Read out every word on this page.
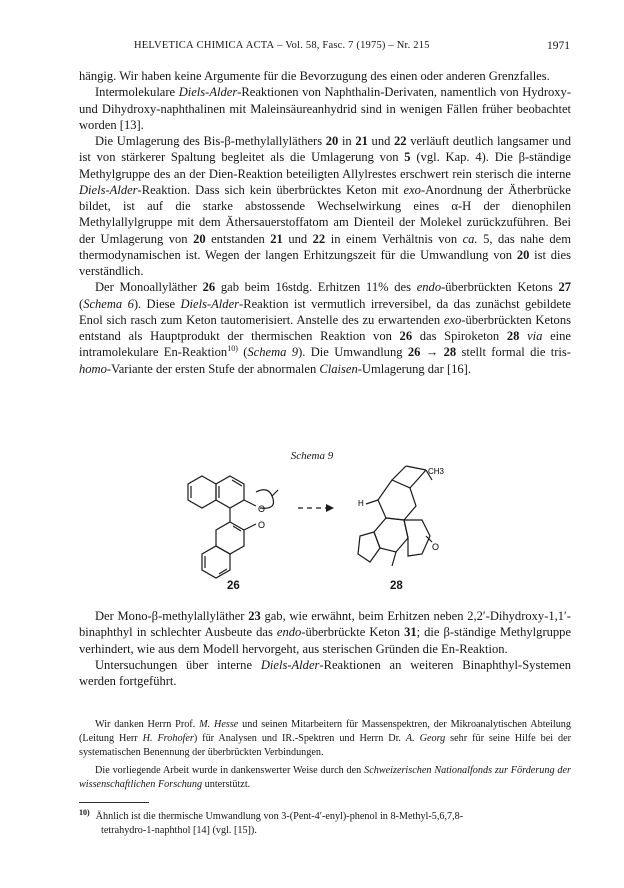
HELVETICA CHIMICA ACTA – Vol. 58, Fasc. 7 (1975) – Nr. 215	1971

hängig. Wir haben keine Argumente für die Bevorzugung des einen oder anderen Grenzfalles.

Intermolekulare Diels-Alder-Reaktionen von Naphthalin-Derivaten, namentlich von Hydroxy- und Dihydroxy-naphthalinen mit Maleinsäureanhydrid sind in wenigen Fällen früher beobachtet worden [13].

Die Umlagerung des Bis-β-methylallyläthers 20 in 21 und 22 verläuft deutlich langsamer und ist von stärkerer Spaltung begleitet als die Umlagerung von 5 (vgl. Kap. 4). Die β-ständige Methylgruppe des an der Dien-Reaktion beteiligten Allylrestes erschwert rein sterisch die interne Diels-Alder-Reaktion. Dass sich kein überbrücktes Keton mit exo-Anordnung der Ätherbrücke bildet, ist auf die starke abstossende Wechselwirkung eines α-H der dienophilen Methylallylgruppe mit dem Äthersauerstoffatom am Dienteil der Molekel zurückzuführen. Bei der Umlagerung von 20 entstanden 21 und 22 in einem Verhältnis von ca. 5, das nahe dem thermodynamischen ist. Wegen der langen Erhitzungszeit für die Umwandlung von 20 ist dies verständlich.

Der Monoallyläther 26 gab beim 16stdg. Erhitzen 11% des endo-überbrückten Ketons 27 (Schema 6). Diese Diels-Alder-Reaktion ist vermutlich irreversibel, da das zunächst gebildete Enol sich rasch zum Keton tautomerisiert. Anstelle des zu erwartenden exo-überbrückten Ketons entstand als Hauptprodukt der thermischen Reaktion von 26 das Spiroketon 28 via eine intramolekulare En-Reaktion$^{10)}$ (Schema 9). Die Umwandlung 26 → 28 stellt formal die tris-homo-Variante der ersten Stufe der abnormalen Claisen-Umlagerung dar [16].

Schema 9
O
O
H
CH3
O
26	28

Der Mono-β-methylallyläther 23 gab, wie erwähnt, beim Erhitzen neben 2,2′-Dihydroxy-1,1′-binaphthyl in schlechter Ausbeute das endo-überbrückte Keton 31; die β-ständige Methylgruppe verhindert, wie aus dem Modell hervorgeht, aus sterischen Gründen die En-Reaktion.

Untersuchungen über interne Diels-Alder-Reaktionen an weiteren Binaphthyl-Systemen werden fortgeführt.

Wir danken Herrn Prof. M. Hesse und seinen Mitarbeitern für Massenspektren, der Mikroanalytischen Abteilung (Leitung Herr H. Frohofer) für Analysen und IR.-Spektren und Herrn Dr. A. Georg sehr für seine Hilfe bei der systematischen Benennung der überbrückten Verbindungen.

Die vorliegende Arbeit wurde in dankenswerter Weise durch den Schweizerischen Nationalfonds zur Förderung der wissenschaftlichen Forschung unterstützt.

$^{10)}$ Ähnlich ist die thermische Umwandlung von 3-(Pent-4′-enyl)-phenol in 8-Methyl-5,6,7,8-
tetrahydro-1-naphthol [14] (vgl. [15]).
